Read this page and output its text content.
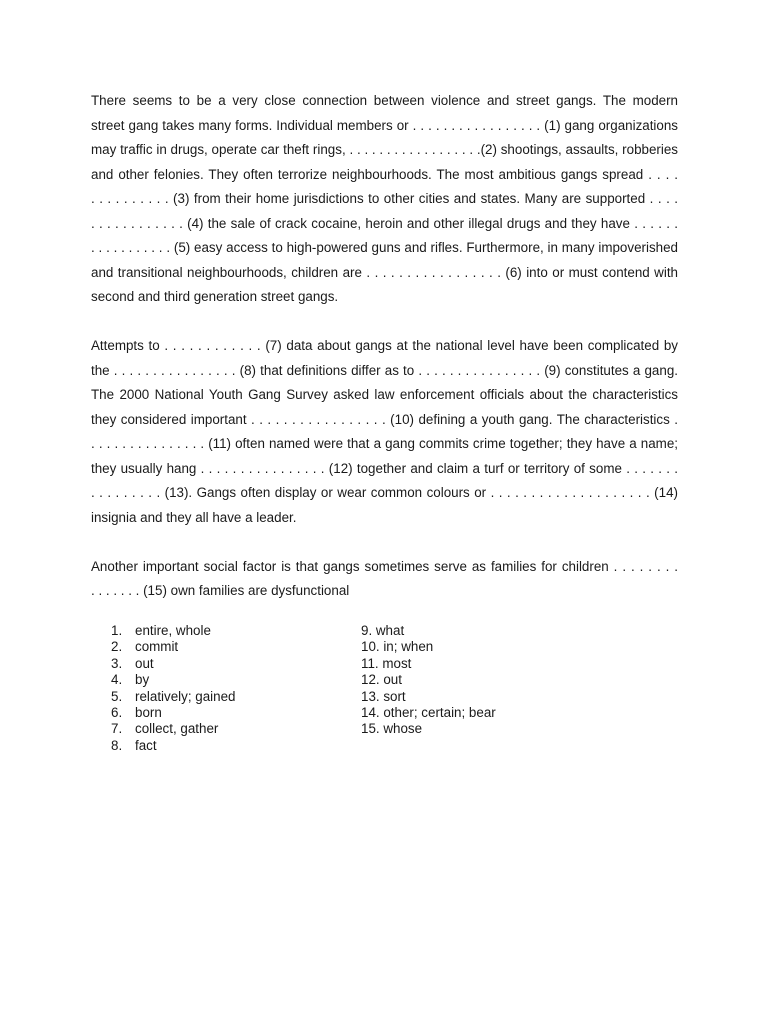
There seems to be a very close connection between violence and street gangs. The modern
street gang takes many forms. Individual members or . . . . . . . . . . . . . . . . . (1) gang organizations
may traffic in drugs, operate car theft rings, . . . . . . . . . . . . . . . . . .(2) shootings, assaults, robberies
and other felonies. They often terrorize neighbourhoods. The most ambitious gangs spread . . . .
. . . . . . . . . . (3) from their home jurisdictions to other cities and states. Many are supported . . . .
. . . . . . . . . . . . (4) the sale of crack cocaine, heroin and other illegal drugs and they have . . . . . .
. . . . . . . . . . . (5) easy access to high-powered guns and rifles. Furthermore, in many impoverished
and transitional neighbourhoods, children are . . . . . . . . . . . . . . . . . (6) into or must contend with
second and third generation street gangs.

Attempts to . . . . . . . . . . . . (7) data about gangs at the national level have been complicated by
the . . . . . . . . . . . . . . . . (8) that definitions differ as to . . . . . . . . . . . . . . . . (9) constitutes a gang.
The 2000 National Youth Gang Survey asked law enforcement officials about the characteristics
they considered important . . . . . . . . . . . . . . . . . (10) defining a youth gang. The characteristics .
. . . . . . . . . . . . . . . (11) often named were that a gang commits crime together; they have a name;
they usually hang . . . . . . . . . . . . . . . . (12) together and claim a turf or territory of some . . . . . . .
. . . . . . . . . (13). Gangs often display or wear common colours or . . . . . . . . . . . . . . . . . . . . (14)
insignia and they all have a leader.

Another important social factor is that gangs sometimes serve as families for children . . . . . . . .
. . . . . . . (15) own families are dysfunctional

1. entire, whole
2. commit
3. out
4. by
5. relatively; gained
6. born
7. collect, gather
8. fact
9. what
10. in; when
11. most
12. out
13. sort
14. other; certain; bear
15. whose
